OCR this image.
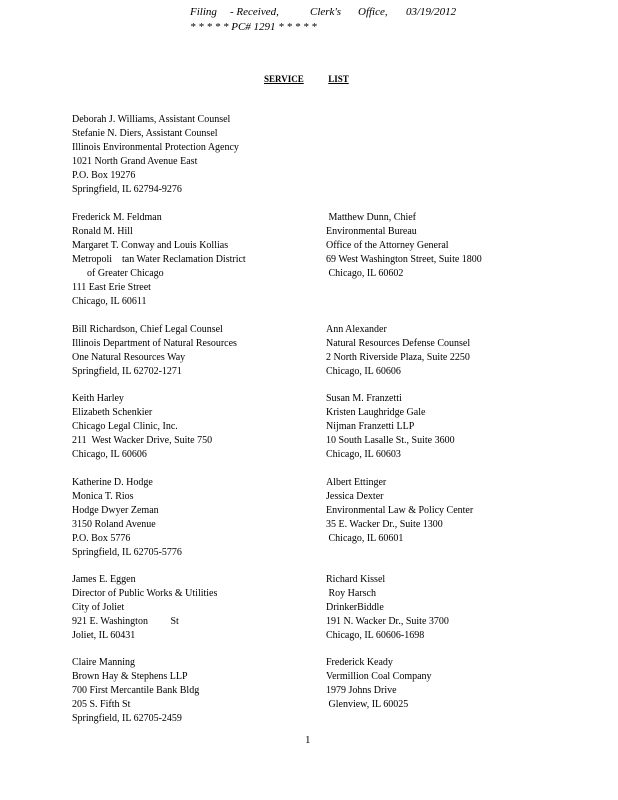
Filing - Received,	Clerk's Office, 03/19/2012
* * * * * PC# 1291 * * * * *
SERVICE	LIST
Deborah J. Williams, Assistant Counsel
Stefanie N. Diers, Assistant Counsel
Illinois Environmental Protection Agency
1021 North Grand Avenue East
P.O. Box 19276
Springfield, IL 62794-9276
Frederick M. Feldman
Ronald M. Hill
Margaret T. Conway and Louis Kollias
Metropoli    tan Water Reclamation District
of Greater Chicago
111 East Erie Street
Chicago, IL 60611
Matthew Dunn, Chief
Environmental Bureau
Office of the Attorney General
69 West Washington Street, Suite 1800
Chicago, IL 60602
Bill Richardson, Chief Legal Counsel
Illinois Department of Natural Resources
One Natural Resources Way
Springfield, IL 62702-1271
Ann Alexander
Natural Resources Defense Counsel
2 North Riverside Plaza, Suite 2250
Chicago, IL 60606
Keith Harley
Elizabeth Schenkier
Chicago Legal Clinic, Inc.
211  West Wacker Drive, Suite 750
Chicago, IL 60606
Susan M. Franzetti
Kristen Laughridge Gale
Nijman Franzetti LLP
10 South Lasalle St., Suite 3600
Chicago, IL 60603
Katherine D. Hodge
Monica T. Rios
Hodge Dwyer Zeman
3150 Roland Avenue
P.O. Box 5776
Springfield, IL 62705-5776
Albert Ettinger
Jessica Dexter
Environmental Law & Policy Center
35 E. Wacker Dr., Suite 1300
Chicago, IL 60601
James E. Eggen
Director of Public Works & Utilities
City of Joliet
921 E. Washington         St
Joliet, IL 60431
Richard Kissel
Roy Harsch
DrinkerBiddle
191 N. Wacker Dr., Suite 3700
Chicago, IL 60606-1698
Claire Manning
Brown Hay & Stephens LLP
700 First Mercantile Bank Bldg
205 S. Fifth St
Springfield, IL 62705-2459
Frederick Keady
Vermillion Coal Company
1979 Johns Drive
Glenview, IL 60025
1
